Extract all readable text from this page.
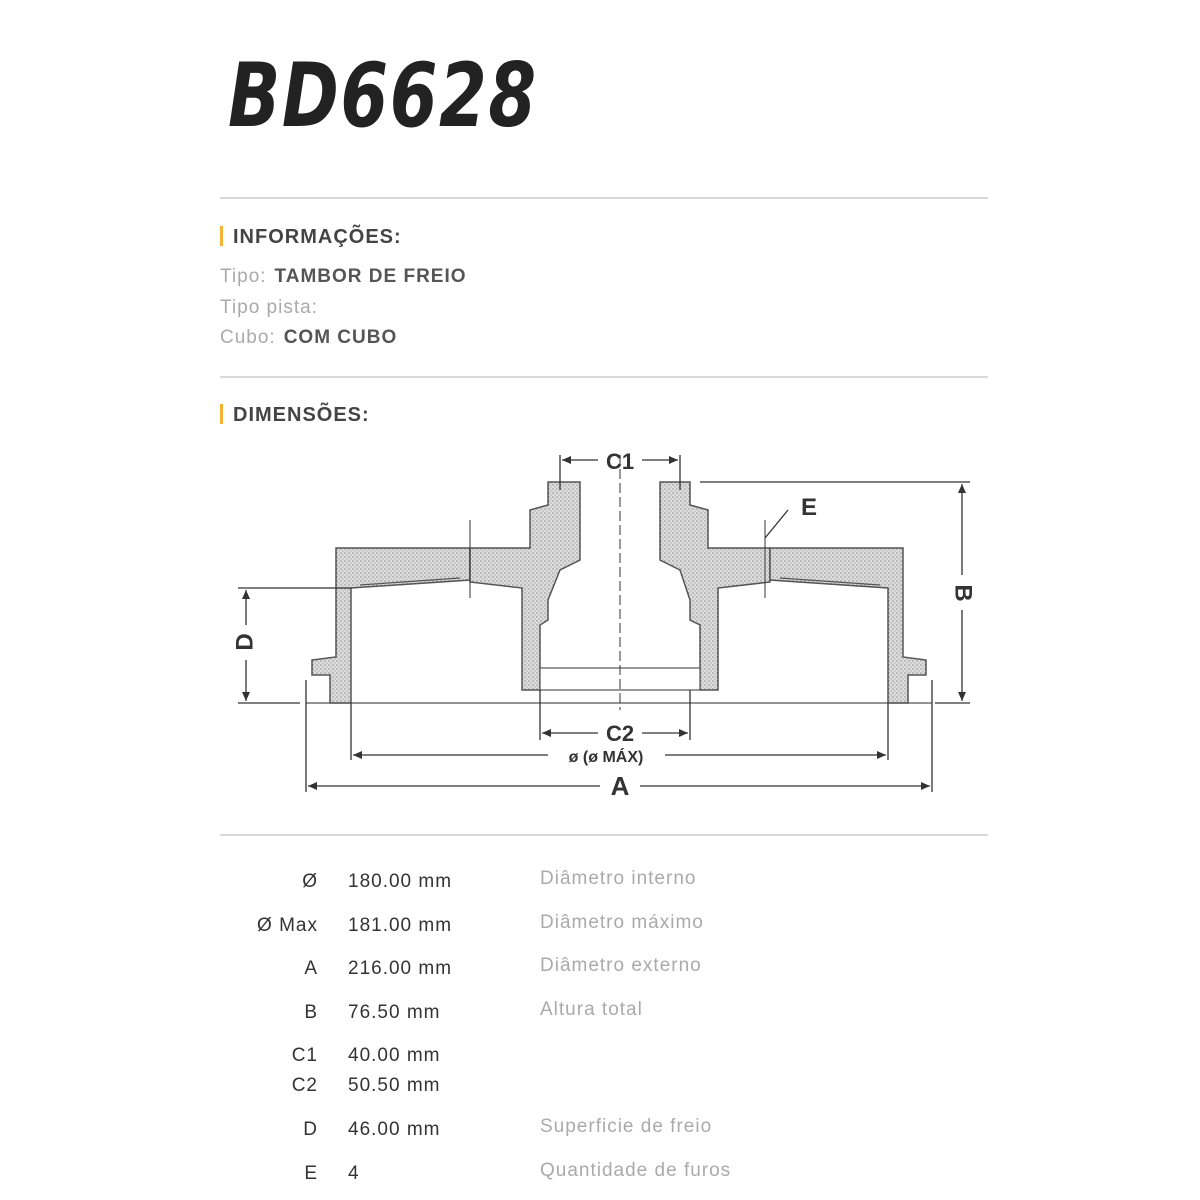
BD6628
INFORMAÇÕES:
Tipo: TAMBOR DE FREIO
Tipo pista:
Cubo: COM CUBO
DIMENSÕES:
C1
E
B
D
C2
ø (ø MÁX)
A
Ø 180.00 mm	Diâmetro interno
Ø Max 181.00 mm	Diâmetro máximo
A 216.00 mm	Diâmetro externo
B 76.50 mm	Altura total
C1 40.00 mm
C2 50.50 mm
D 46.00 mm	Superficie de freio
E 4	Quantidade de furos
